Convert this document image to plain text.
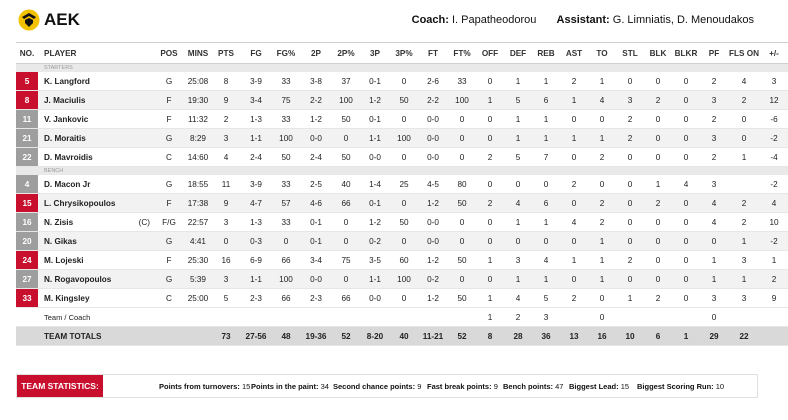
AEK	Coach: I. Papatheodorou Assistant: G. Limniatis, D. Menoudakos
NO.	PLAYER	POS	MINS	PTS	FG	FG%	2P	2P%	3P	3P%	FT	FT%	OFF	DEF	REB	AST	TO	STL	BLK	BLKR	PF	FLS ON	+/-
STARTERS																							
5	K. Langford	G	25:08	8	3-9	33	3-8	37	0-1	0	2-6	33	0	1	1	2	1	0	0	0	2	4	3
8	J. Maciulis	F	19:30	9	3-4	75	2-2	100	1-2	50	2-2	100	1	5	6	1	4	3	2	0	3	2	12
11	V. Jankovic	F	11:32	2	1-3	33	1-2	50	0-1	0	0-0	0	0	1	1	0	0	2	0	0	2	0	-6
21	D. Moraitis	G	8:29	3	1-1	100	0-0	0	1-1	100	0-0	0	0	1	1	1	1	2	0	0	3	0	-2
22	D. Mavroidis	C	14:60	4	2-4	50	2-4	50	0-0	0	0-0	0	2	5	7	0	2	0	0	0	2	1	-4
BENCH																							
4	D. Macon Jr	G	18:55	11	3-9	33	2-5	40	1-4	25	4-5	80	0	0	0	2	0	0	1	4	3		-2
15	L. Chrysikopoulos	F	17:38	9	4-7	57	4-6	66	0-1	0	1-2	50	2	4	6	0	2	0	2	0	4	2	4
16	N. Zisis (C)	F/G	22:57	3	1-3	33	0-1	0	1-2	50	0-0	0	0	1	1	4	2	0	0	0	4	2	10
20	N. Gikas	G	4:41	0	0-3	0	0-1	0	0-2	0	0-0	0	0	0	0	0	1	0	0	0	0	1	-2
24	M. Lojeski	F	25:30	16	6-9	66	3-4	75	3-5	60	1-2	50	1	3	4	1	1	2	0	0	1	3	1
27	N. Rogavopoulos	G	5:39	3	1-1	100	0-0	0	1-1	100	0-2	0	0	1	1	0	1	0	0	0	1	1	2
33	M. Kingsley	C	25:00	5	2-3	66	2-3	66	0-0	0	1-2	50	1	4	5	2	0	1	2	0	3	3	9
	Team / Coach												1	2	3		0				0		
	TEAM TOTALS			73	27-56	48	19-36	52	8-20	40	11-21	52	8	28	36	13	16	10	6	1	29	22	
TEAM STATISTICS:	Points from turnovers: 15 Points in the paint: 34 Second chance points: 9 Fast break points: 9 Bench points: 47 Biggest Lead: 15 Biggest Scoring Run: 10
